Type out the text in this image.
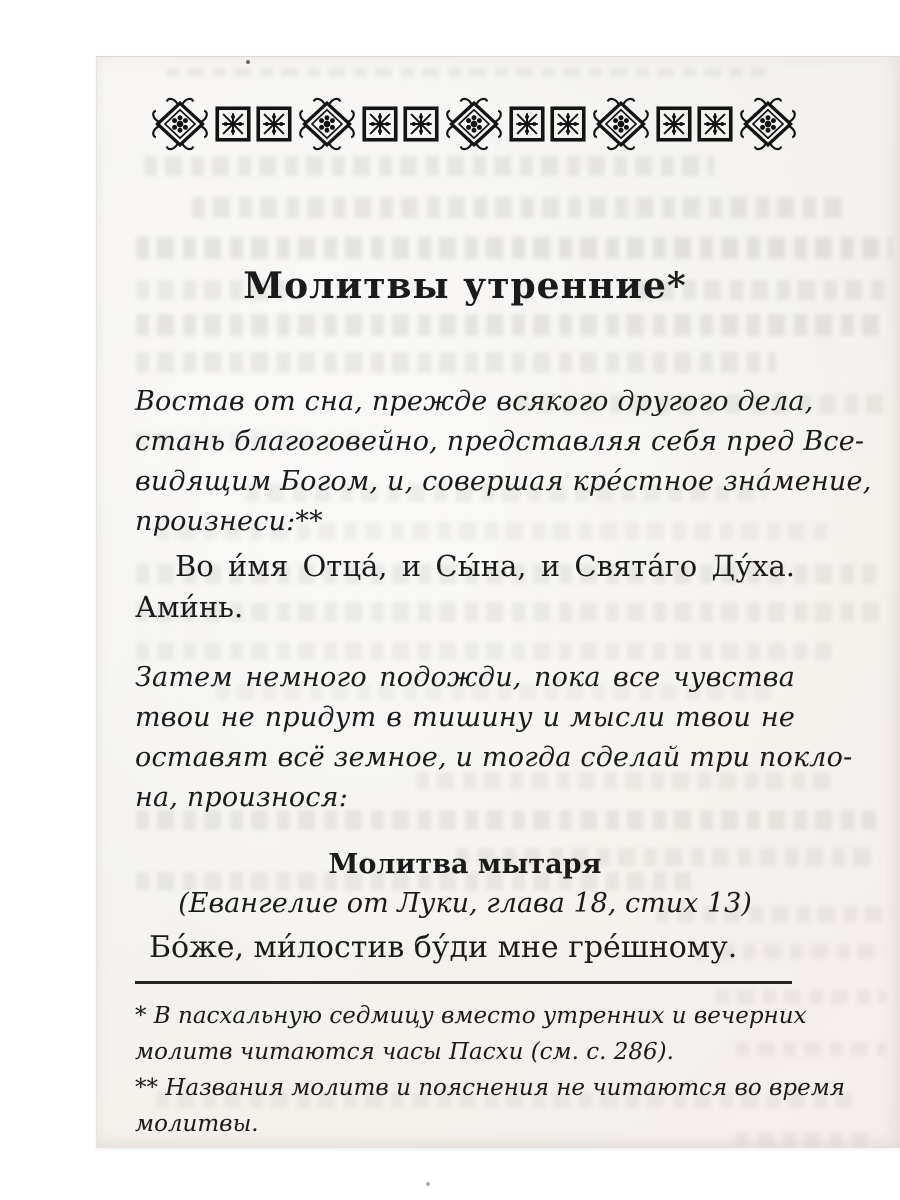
Молитвы утренние*
Востав от сна, прежде всякого другого дела,
стань благоговейно, представляя себя пред Все-
видящим Богом, и, совершая кре́стное зна́мение,
произнеси:**
Во и́мя Отца́, и Сы́на, и Свята́го Ду́ха.
Ами́нь.
Затем немного подожди, пока все чувства
твои не придут в тишину и мысли твои не
оставят всё земное, и тогда сделай три покло-
на, произнося:
Молитва мытаря
(Евангелие от Луки, глава 18, стих 13)
Бо́же, ми́лостив бу́ди мне гре́шному.
* В пасхальную седмицу вместо утренних и вечерних
молитв читаются часы Пасхи (см. с. 286).
** Названия молитв и пояснения не читаются во время
молитвы.
